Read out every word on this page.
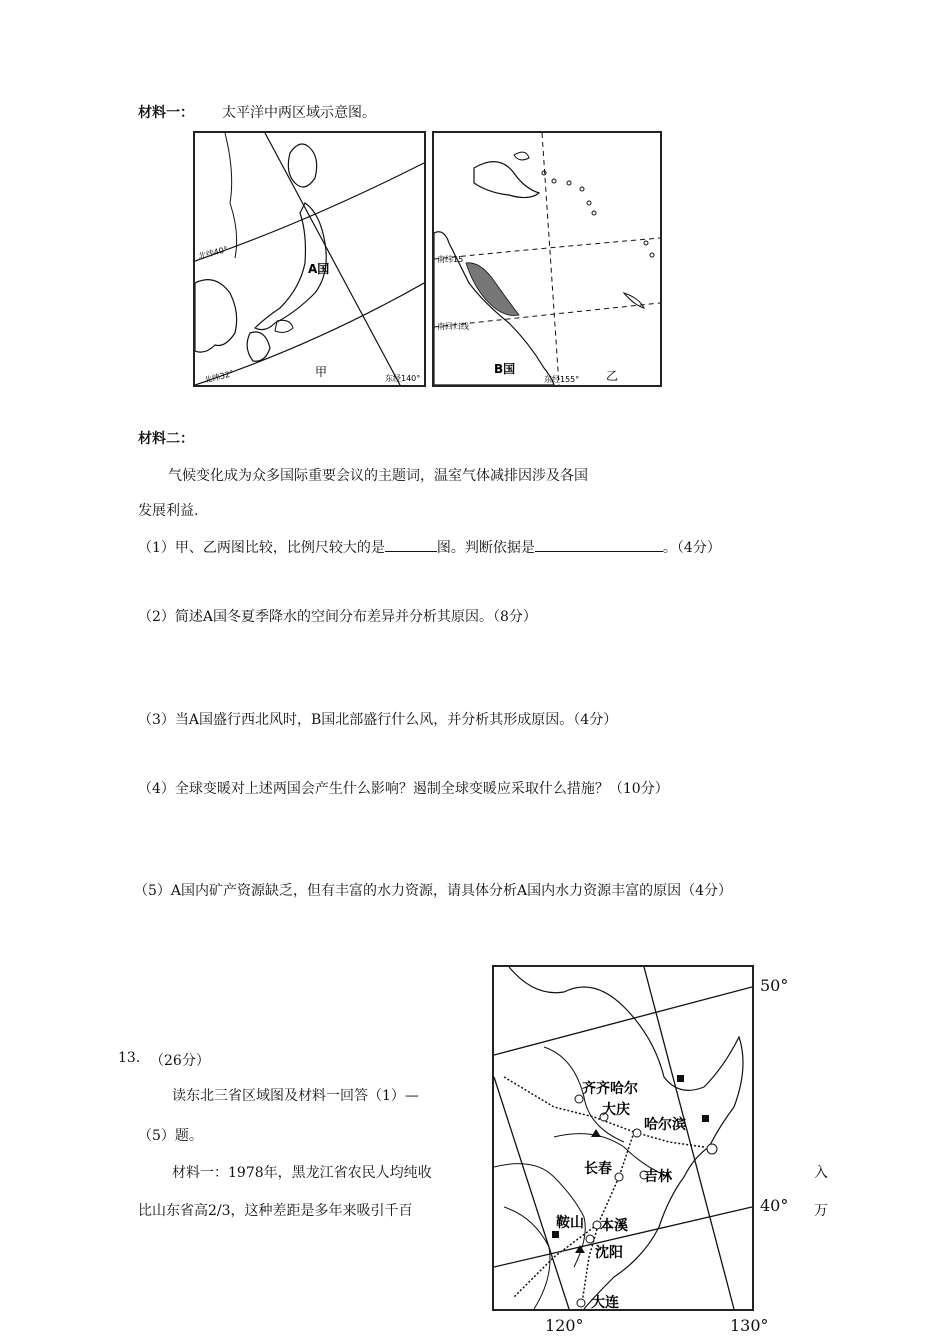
材料一： 太平洋中两区域示意图。
A国
北纬40°
北纬32°	东经140°
甲
南纬15
南回归线
B国
东经155° 乙
材料二：
气候变化成为众多国际重要会议的主题词，温室气体减排因涉及各国
发展利益.
（1）甲、乙两图比较，比例尺较大的是	图。判断依据是	。（4分）
（2）简述A国冬夏季降水的空间分布差异并分析其原因。（8分）
（3）当A国盛行西北风时，B国北部盛行什么风，并分析其形成原因。（4分）
（4）全球变暖对上述两国会产生什么影响？遏制全球变暖应采取什么措施？（10分）
（5）A国内矿产资源缺乏，但有丰富的水力资源，请具体分析A国内水力资源丰富的原因（4分）
13. （26分）
读东北三省区域图及材料一回答（1）—
（5）题。
材料一：1978年，黑龙江省农民人均纯收	入
比山东省高2/3，这种差距是多年来吸引千百	万
齐齐哈尔
大庆
哈尔滨
长春 吉林
鞍山 本溪
沈阳
大连
50°
40°
120°	130°
